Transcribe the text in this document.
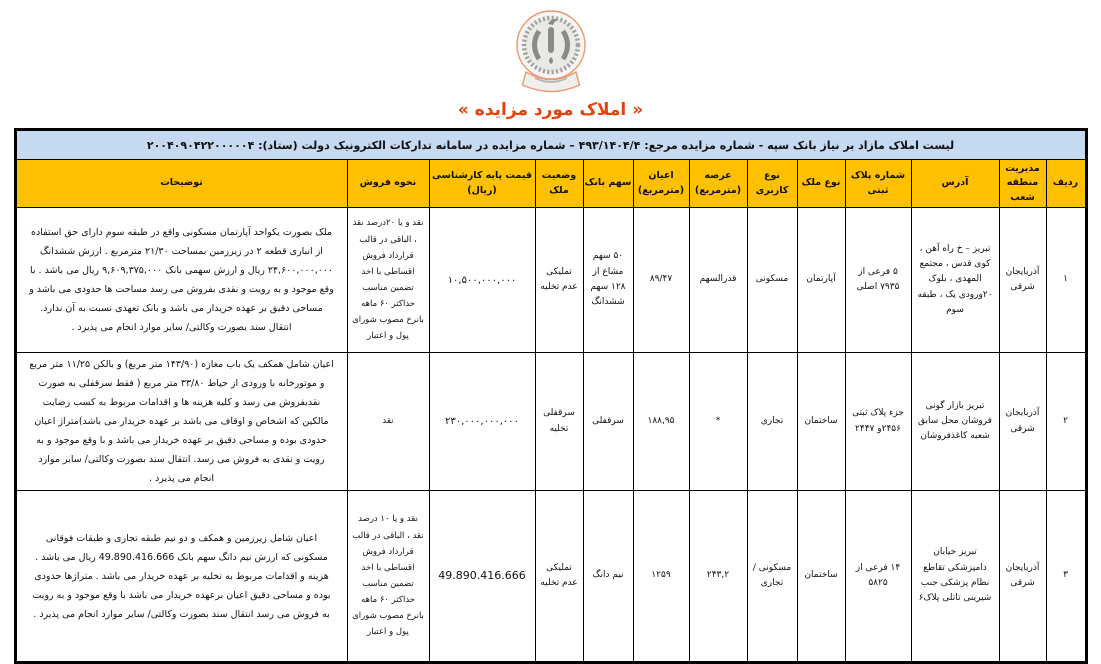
« املاک مورد مزایده »
لیست املاک مازاد بر نیاز بانک سپه - شماره مزایده مرجع: ۴۹۳/۱۴۰۴/۴ – شماره مزایده در سامانه تدارکات الکترونیک دولت (ستاد): ۲۰۰۴۰۹۰۴۲۲۰۰۰۰۰۴												
ردیف	مدیریت منطقه شعب	آدرس	شماره پلاک ثبتی	نوع ملک	نوع کاربری	عرصه (مترمربع)	اعیان (مترمربع)	سهم بانک	وضعیت ملک	قیمت پایه کارشناسی (ریال)	نحوه فروش	توضیحات
۱	آذربایجان شرقی	تبریز – خ راه آهن ، کوی قدس ، مجتمع المهدی ، بلوک ۲۰ورودی یک ، طبقه سوم	۵ فرعی از ۷۹۳۵ اصلی	آپارتمان	مسکونی	قدرالسهم	۸۹/۴۷	۵۰ سهم مشاع از ۱۲۸ سهم ششدانگ	تملیکی عدم تخلیه	۱۰,۵۰۰,۰۰۰,۰۰۰	نقد و یا ۲۰درصد نقد ، الباقی در قالب قرارداد فروش اقساطی با اخذ تضمین مناسب حداکثر ۶۰ ماهه بانرخ مصوب شورای پول و اعتبار	ملک بصورت یکواحد آپارتمان مسکونی واقع در طبقه سوم دارای حق استفاده از انباری قطعه ۲ در زیرزمین بمساحت ۲۱/۳۰ مترمربع . ارزش ششدانگ ۲۴,۶۰۰,۰۰۰,۰۰۰ ریال و ارزش سهمی بانک ۹,۶۰۹,۳۷۵,۰۰۰ ریال می باشد . با وقع موجود و به رویت و نقدی بفروش می رسد مساحت ها حدودی می باشد و مساحی دقیق بر عهده خریدار می باشد و بانک تعهدی نسبت به آن ندارد. انتقال سند بصورت وکالتی/ سایر موارد انجام می پذیرد .
۲	آذربایجان شرقی	تبریز بازار گونی فروشان محل سابق شعبه کاغذفروشان	جزء پلاک ثبتی ۲۴۵۶و ۲۴۴۷	ساختمان	تجاری	*	۱۸۸,۹۵	سرقفلی	سرقفلی تخلیه	۲۳۰,۰۰۰,۰۰۰,۰۰۰	نقد	اعیان شامل همکف یک باب مغازه (۱۴۳/۹۰ متر مربع) و بالکن ۱۱/۲۵ متر مربع و موتورخانه با ورودی از حیاط ۳۳/۸۰ متر مربع ( فقط سرقفلی به صورت نقدبفروش می رسد و کلیه هزینه ها و اقدامات مربوط به کسب رضایت مالکین که اشخاص و اوقاف می باشد بر عهده خریدار می باشد)متراژ اعیان حدودی بوده و مساحی دقیق بر عهده خریدار می باشد و با وقع موجود و به رویت و نقدی به فروش می رسد. انتقال سند بصورت وکالتی/ سایر موارد انجام می پذیرد .
۳	آذربایجان شرقی	تبریز خیابان دامپزشکی تقاطع نظام پزشکی جنب شیرینی تاتلی پلاک۶	۱۴ فرعی از ۵۸۲۵	ساختمان	مسکونی / تجاری	۲۴۳,۲	۱۲۵۹	نیم دانگ	تملیکی عدم تخلیه	49.890.416.666	نقد و یا ۱۰ درصد نقد ، الباقی در قالب قرارداد فروش اقساطی با اخذ تضمین مناسب حداکثر ۶۰ ماهه بانرخ مصوب شورای پول و اعتبار	اعیان شامل زیرزمین و همکف و دو نیم طبقه تجاری و طبقات فوقانی مسکونی که ارزش نیم دانگ سهم بانک 49.890.416.666 ریال می باشد . هزینه و اقدامات مربوط به تخلیه بر عهده خریدار می باشد . متراژها حدودی بوده و مساحی دقیق اعیان برعهده خریدار می باشد با وقع موجود و به رویت به فروش می رسد انتقال سند بصورت وکالتی/ سایر موارد انجام می پذیرد .
